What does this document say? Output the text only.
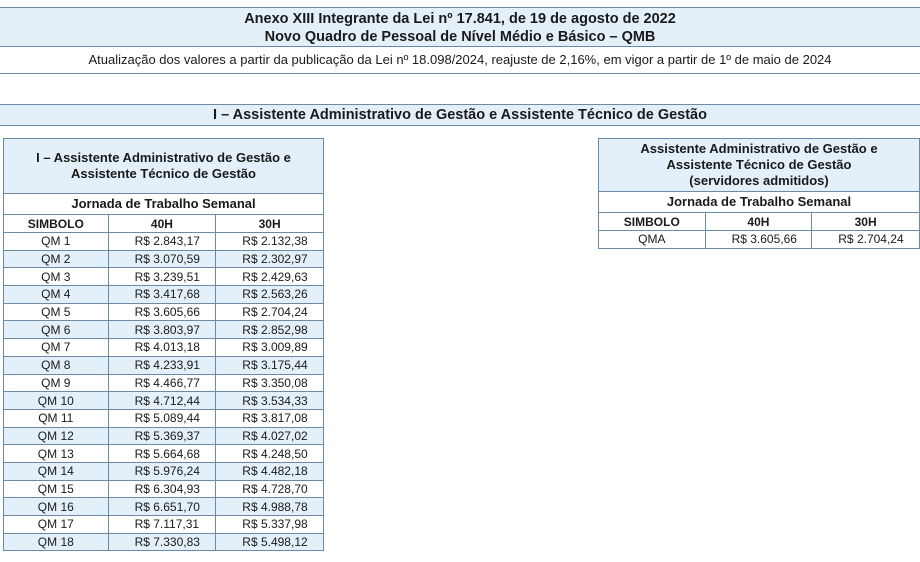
Anexo XIII Integrante da Lei nº 17.841, de 19 de agosto de 2022
Novo Quadro de Pessoal de Nível Médio e Básico – QMB
Atualização dos valores a partir da publicação da Lei nº 18.098/2024, reajuste de 2,16%, em vigor a partir de 1º de maio de 2024
I – Assistente Administrativo de Gestão e Assistente Técnico de Gestão
I – Assistente Administrativo de Gestão e
Assistente Técnico de Gestão		

Jornada de Trabalho Semanal		
SIMBOLO	40H	30H
QM 1	R$ 2.843,17	R$ 2.132,38
QM 2	R$ 3.070,59	R$ 2.302,97
QM 3	R$ 3.239,51	R$ 2.429,63
QM 4	R$ 3.417,68	R$ 2.563,26
QM 5	R$ 3.605,66	R$ 2.704,24
QM 6	R$ 3.803,97	R$ 2.852,98
QM 7	R$ 4.013,18	R$ 3.009,89
QM 8	R$ 4.233,91	R$ 3.175,44
QM 9	R$ 4.466,77	R$ 3.350,08
QM 10	R$ 4.712,44	R$ 3.534,33
QM 11	R$ 5.089,44	R$ 3.817,08
QM 12	R$ 5.369,37	R$ 4.027,02
QM 13	R$ 5.664,68	R$ 4.248,50
QM 14	R$ 5.976,24	R$ 4.482,18
QM 15	R$ 6.304,93	R$ 4.728,70
QM 16	R$ 6.651,70	R$ 4.988,78
QM 17	R$ 7.117,31	R$ 5.337,98
QM 18	R$ 7.330,83	R$ 5.498,12
Assistente Administrativo de Gestão e
Assistente Técnico de Gestão
(servidores admitidos)		

Jornada de Trabalho Semanal		
SIMBOLO	40H	30H
QMA	R$ 3.605,66	R$ 2.704,24
